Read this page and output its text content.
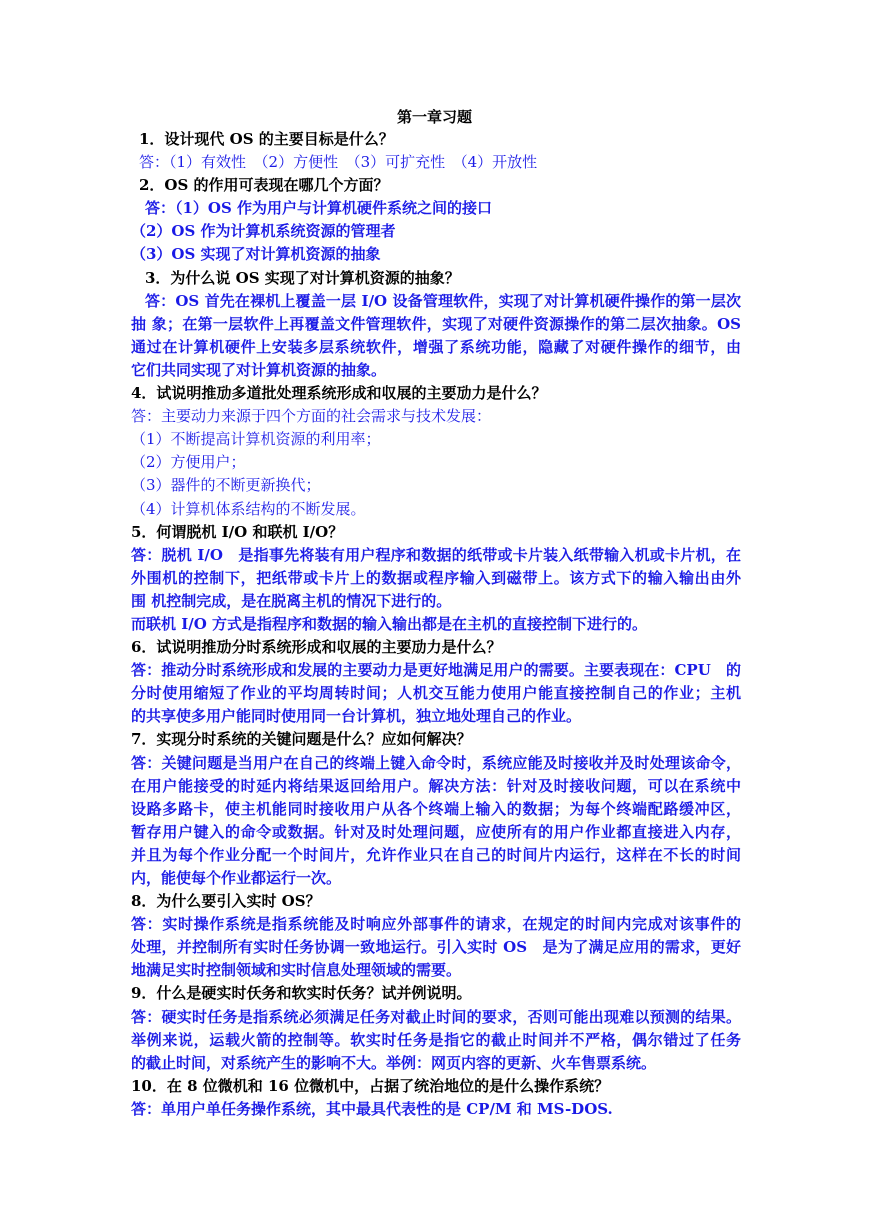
第一章习题
1．设计现代 OS 的主要目标是什么？
答：（1）有效性　（2）方便性　（3）可扩充性　（4）开放性
2．OS 的作用可表现在哪几个方面？
答：（1）OS 作为用户与计算机硬件系统之间的接口
（2）OS 作为计算机系统资源的管理者
（3）OS 实现了对计算机资源的抽象
3．为什么说 OS 实现了对计算机资源的抽象？
答：OS 首先在裸机上覆盖一层 I/O 设备管理软件，实现了对计算机硬件操作的第一层次
抽 象；在第一层软件上再覆盖文件管理软件，实现了对硬件资源操作的第二层次抽象。OS
通过在计算机硬件上安装多层系统软件，增强了系统功能，隐藏了对硬件操作的细节，由
它们共同实现了对计算机资源的抽象。
4．试说明推劢多道批处理系统形成和収展的主要劢力是什么？
答：主要动力来源于四个方面的社会需求与技术发展：
（1）不断提高计算机资源的利用率；
（2）方便用户；
（3）器件的不断更新换代；
（4）计算机体系结构的不断发展。
5．何谓脱机 I/O 和联机 I/O？
答：脱机 I/O　是指事先将装有用户程序和数据的纸带或卡片装入纸带输入机或卡片机，在
外围机的控制下，把纸带或卡片上的数据或程序输入到磁带上。该方式下的输入输出由外
围 机控制完成，是在脱离主机的情况下进行的。
而联机 I/O 方式是指程序和数据的输入输出都是在主机的直接控制下进行的。
6．试说明推劢分时系统形成和収展的主要劢力是什么？
答：推动分时系统形成和发展的主要动力是更好地满足用户的需要。主要表现在：CPU　的
分时使用缩短了作业的平均周转时间；人机交互能力使用户能直接控制自己的作业；主机
的共享使多用户能同时使用同一台计算机，独立地处理自己的作业。
7．实现分时系统的关键问题是什么？应如何解决？
答：关键问题是当用户在自己的终端上键入命令时，系统应能及时接收并及时处理该命令，
在用户能接受的时延内将结果返回给用户。解决方法：针对及时接收问题，可以在系统中
设路多路卡，使主机能同时接收用户从各个终端上输入的数据；为每个终端配路缓冲区，
暂存用户键入的命令或数据。针对及时处理问题，应使所有的用户作业都直接进入内存，
并且为每个作业分配一个时间片，允许作业只在自己的时间片内运行，这样在不长的时间
内，能使每个作业都运行一次。
8．为什么要引入实时 OS？
答：实时操作系统是指系统能及时响应外部事件的请求，在规定的时间内完成对该事件的
处理，并控制所有实时任务协调一致地运行。引入实时 OS　是为了满足应用的需求，更好
地满足实时控制领域和实时信息处理领域的需要。
9．什么是硬实时仸务和软实时仸务？试并例说明。
答：硬实时任务是指系统必须满足任务对截止时间的要求，否则可能出现难以预测的结果。
举例来说，运载火箭的控制等。软实时任务是指它的截止时间并不严格，偶尔错过了任务
的截止时间，对系统产生的影响不大。举例：网页内容的更新、火车售票系统。
10．在 8 位微机和 16 位微机中，占据了统治地位的是什么操作系统？
答：单用户单任务操作系统，其中最具代表性的是 CP/M 和 MS-DOS.
